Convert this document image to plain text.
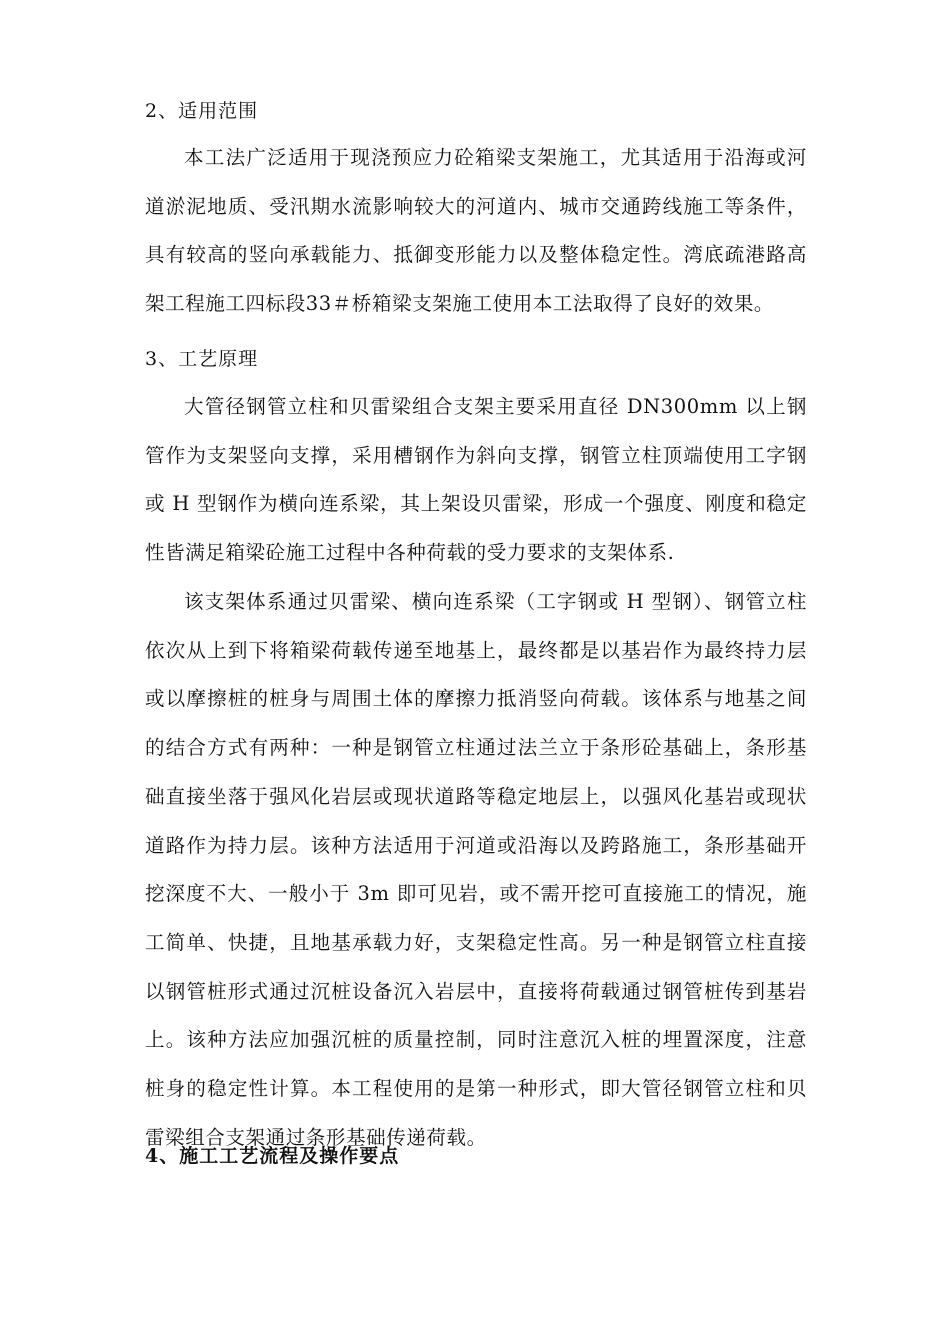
2、适用范围

本工法广泛适用于现浇预应力砼箱梁支架施工，尤其适用于沿海或河道淤泥地质、受汛期水流影响较大的河道内、城市交通跨线施工等条件，具有较高的竖向承载能力、抵御变形能力以及整体稳定性。湾底疏港路高架工程施工四标段33＃桥箱梁支架施工使用本工法取得了良好的效果。

3、工艺原理

大管径钢管立柱和贝雷梁组合支架主要采用直径 DN300mm 以上钢管作为支架竖向支撑，采用槽钢作为斜向支撑，钢管立柱顶端使用工字钢或 H 型钢作为横向连系梁，其上架设贝雷梁，形成一个强度、刚度和稳定性皆满足箱梁砼施工过程中各种荷载的受力要求的支架体系.

该支架体系通过贝雷梁、横向连系梁（工字钢或 H 型钢）、钢管立柱依次从上到下将箱梁荷载传递至地基上，最终都是以基岩作为最终持力层或以摩擦桩的桩身与周围土体的摩擦力抵消竖向荷载。该体系与地基之间的结合方式有两种：一种是钢管立柱通过法兰立于条形砼基础上，条形基础直接坐落于强风化岩层或现状道路等稳定地层上，以强风化基岩或现状道路作为持力层。该种方法适用于河道或沿海以及跨路施工，条形基础开挖深度不大、一般小于 3m 即可见岩，或不需开挖可直接施工的情况，施工简单、快捷，且地基承载力好，支架稳定性高。另一种是钢管立柱直接以钢管桩形式通过沉桩设备沉入岩层中，直接将荷载通过钢管桩传到基岩上。该种方法应加强沉桩的质量控制，同时注意沉入桩的埋置深度，注意桩身的稳定性计算。本工程使用的是第一种形式，即大管径钢管立柱和贝雷梁组合支架通过条形基础传递荷载。

4、施工工艺流程及操作要点
